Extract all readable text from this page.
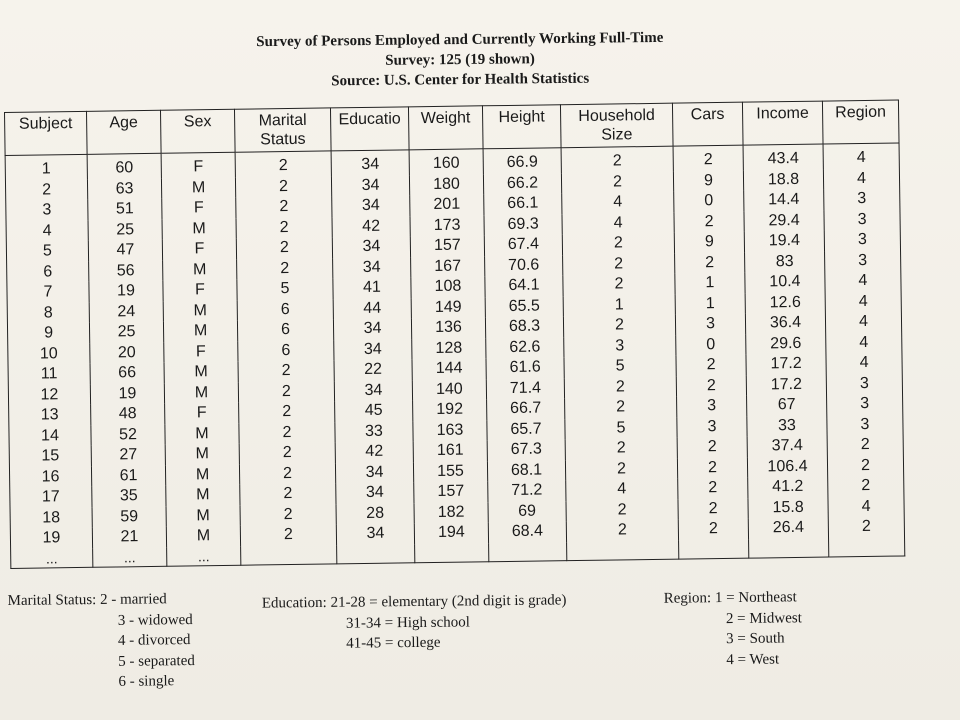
Survey of Persons Employed and Currently Working Full-Time
Survey: 125 (19 shown)
Source: U.S. Center for Health Statistics
Subject	Age	Sex	Marital Status	Educatio	Weight	Height	Household Size	Cars	Income	Region
1	60	F	2	34	160	66.9	2	2	43.4	4
2	63	M	2	34	180	66.2	2	9	18.8	4
3	51	F	2	34	201	66.1	4	0	14.4	3
4	25	M	2	42	173	69.3	4	2	29.4	3
5	47	F	2	34	157	67.4	2	9	19.4	3
6	56	M	2	34	167	70.6	2	2	83	3
7	19	F	5	41	108	64.1	2	1	10.4	4
8	24	M	6	44	149	65.5	1	1	12.6	4
9	25	M	6	34	136	68.3	2	3	36.4	4
10	20	F	6	34	128	62.6	3	0	29.6	4
11	66	M	2	22	144	61.6	5	2	17.2	4
12	19	M	2	34	140	71.4	2	2	17.2	3
13	48	F	2	45	192	66.7	2	3	67	3
14	52	M	2	33	163	65.7	5	3	33	3
15	27	M	2	42	161	67.3	2	2	37.4	2
16	61	M	2	34	155	68.1	2	2	106.4	2
17	35	M	2	34	157	71.2	4	2	41.2	2
18	59	M	2	28	182	69	2	2	15.8	4
19	21	M	2	34	194	68.4	2	2	26.4	2
...	...	...								
Marital Status: 2 - married
3 - widowed
4 - divorced
5 - separated
6 - single
Education: 21-28 = elementary (2nd digit is grade)
31-34 = High school
41-45 = college
Region: 1 = Northeast
2 = Midwest
3 = South
4 = West
